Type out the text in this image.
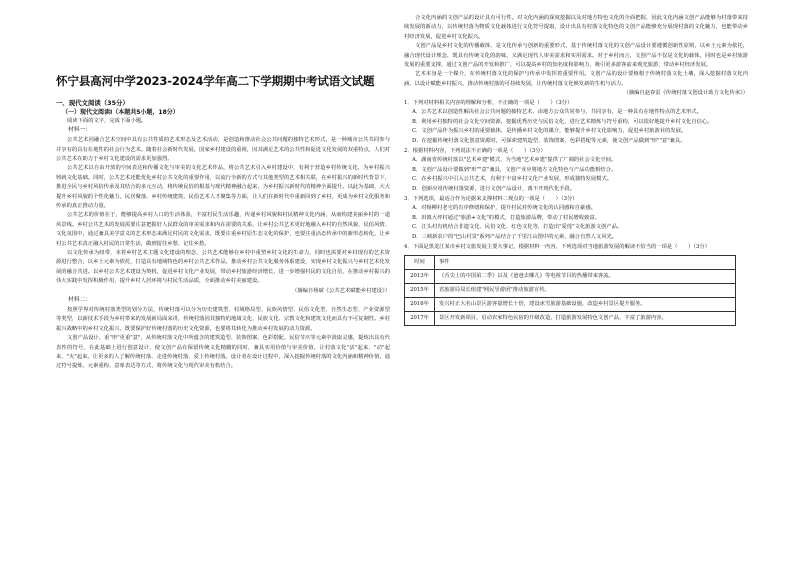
怀宁县高河中学2023-2024学年高二下学期期中考试语文试题
一、现代文阅读（35分）
（一）现代文阅读Ⅰ（本题共5小题，18分）

阅读下面的文字，完成下面小题。

材料一：

公共艺术因融合艺术空间中具有公共性质的艺术形态及艺术活动，是创造和推动社会公共问题的独特艺术形式，是一种城市公共共同参与并享有的具有在地性的社会行为艺术。随着社会新时代发展，国家乡村建设的重视，因其满足艺术的公共性和促进文化发展的双重特点，人们对公共艺术在助力于乡村文化建设的需求更加强烈。

公共艺术以自由开放的空间表达和传播文化与审美的文化艺术作品，将公共艺术引入乡村建设中，有利于营造乡村传统文化，为乡村振兴铸就文化基础。同时，公共艺术还能优化乡村公共文化的重要作用，以流行全新的方式与其他类型的艺术相关联，在乡村振兴的新时代背景下，推进全民与乡村风俗传承及其结合的多元互动，将传统民俗的根基与现代精神融合起来，为乡村振兴新时代的精神全面提升。以此为基础，大大提升乡村风貌的个性化魅力，民居聚落、乡村传统建筑、民俗艺术人才聚集等方面，让人们在新时代中重新回到了乡村，更成为乡村文化服务和传承的真正推动力量。

公共艺术的价值在于，能够提高乡村人口的生活体验，丰富村民生活乐趣，传递乡村风貌和村民精神文化内涵，从而构建美丽乡村的一道风景线。乡村公共艺术的发展需要注意把握好人民群众的审美需求和内在需要的关系，让乡村公共艺术更好地融入乡村的自然风貌、民俗风情、文化氛围中，通过兼具美学意义的艺术形态来满足村民的文化需求，既要注重乡村原生态文化的保护，也要注重活态传承中的新形态转化，让乡村公共艺术真正融入村民的日常生活，做到留住乡愁、记住乡愁。

以文化传承为纽带，本着乡村艺术主题文化建设的理念，公共艺术能够在乡村中重塑乡村文化的生命力，同时也需要对乡村现有的艺术资源进行整合，以乡土元素为依托，打造具有地域特色的乡村公共艺术作品，推动乡村公共文化服务体系建设，实现乡村文化振兴与乡村艺术化发展的融合共进。以乡村公共艺术建设为契机，促进乡村文化产业发展，带动乡村旅游经济增长，进一步增强村民的文化自信，在推动乡村振兴的伟大实践中发挥积极作用，提升乡村人居环境与村民生活品质，全面推动乡村美丽建设。

（摘编自杨斌《公共艺术赋能乡村建设》）
材料二：

按照学界对传统村落类型的划分方法，传统村落可以分为历史建筑型、村域格局型、民族风情型、民俗文化型、自然生态型、产业资源型等类型，以新技术手段为乡村带来的发展新局面来讲，传统村落因其独特的地域文化、民族文化、宗教文化和建筑文化而具有不可复制性。乡村振兴战略中的乡村文化振兴，既要保护好传统村落的历史文化资源，也要将其转化为推动乡村发展的动力资源。

文创产品设计，重"形"更重"意"，从传统村落文化中所蕴含的建筑造型、装饰图案、色彩搭配、民俗节庆等元素中汲取灵感，提炼出具有代表性的符号，在此基础上进行创意设计，使文创产品在保留传统文化精髓的同时，兼具实用价值与审美价值，让村落文化"活"起来、"动"起来、"火"起来，让更多的人了解传统村落、走进传统村落、爱上传统村落。设计者在设计过程中，深入挖掘传统村落的文化内涵和精神价值，通过符号提炼、元素重构、意象表达等方式，将传统文化与现代审美有机结合。

合文化内涵的文创产品的设计具有可行性。对文化内涵的深度挖掘以及对地方特色文化的全面把握，因此文化内涵文创产品能够为村落带来持续发展的新动力，以传统村落为物质文化载体进行文化符号提取，设计出具有村落文化特色的文创产品能够充分展现村落的文化魅力，也能带动乡村经济发展，促进乡村文化振兴。

文创产品是乡村文化的传播载体，是文化传承与创新的重要形式，基于传统村落文化的文创产品设计要遵循创新性原则，以乡土元素为依托，融合现代设计理念，既具有传统文化的韵味，又满足现代人审美需求和实用需求。对于乡村而言，文创产品不仅是文化的载体，同时也是乡村旅游发展的重要支撑，通过文创产品的开发和推广，可以提高乡村的知名度和影响力，吸引更多游客前来观光旅游，带动乡村经济发展。

艺术本身是一个媒介，在传统村落文化的保护与传承中发挥着重要作用。文创产品的设计要植根于传统村落文化土壤，深入挖掘村落文化内涵，以设计赋能乡村振兴，推动传统村落的可持续发展，让传统村落文化焕发新的生机与活力。

（摘编自赵春雷《传统村落文创设计助力文化传承》）
1．下列对材料相关内容的理解和分析，不正确的一项是（　　）（3分）
A．公共艺术以创造性解决社会公共问题的独特艺术，由地方公众共同参与，共同享有，是一种具有在地性特点的艺术形式。
B．利用乡村独特的社会文化空间资源，挖掘优秀历史与民俗文化，进行艺术精炼与符号重构，可以很好地提升乡村文化自信心。
C．文创产品作为振兴乡村的重要载体，是传播乡村文化的媒介，能够提升乡村文化影响力，促进乡村旅游业的发展。
D．在挖掘传统村落文化创意资源时，可探索建筑造型、装饰图案、色彩搭配等元素，使文创产品做到"形""意"兼具。
2．根据材料内容，下列说法不正确的一项是（　　）（3分）
A．湖南省传统村落以"艺术乡建"模式，为当地"艺术乡建"提供了广阔的社会文化空间。
B．文创产品设计要做到"形""意"兼具，文创产业应将地方文化特色与产品功能相结合。
C．在乡村振兴中引入公共艺术，有利于丰富乡村文化产业发展，形成独特发展模式。
D．创新应用传统村落资源，进行文创产品设计，离不开现代化手段。
3．下列选项，最适合作为论据来支撑材料二观点的一项是（　　）（3分）
A．对杨柳村老宅的有序修缮和保护，提升村民对传统文化的认同感和自豪感。
B．田镇大坪村通过"旅游+文化"的模式，打造旅游品牌，带动了村民增收致富。
C．江头村有机结合非遗文化、民俗文化、红色文化等，打造出"爱莲"文化旅游文创产品。
D．三峡新农户的"巴山村景"系列产品结合了千里江山图中的元素，融合自然人文风光。
4．下面是黑龙江某市乡村文旅发展主要大事记，根据材料一内容，下列选项对当地旅游发展的解读不恰当的一项是（　　）（3分）
时间	事件
2013年	《舌尖上的中国第二季》以及《爸爸去哪儿》等电视节目的热播带来客流。
2015年	省旅游局局长组建"网民导游团"推动旅游宣传。
2016年	发兴村正大名山景区游客量增长十倍，建设冰雪旅游基础设施，改造乡村景区提升服务。
2017年	景区开发新项目，启动农家特色民宿的升级改造，打造旅游发展特色文创产品，丰富了旅游内容。
